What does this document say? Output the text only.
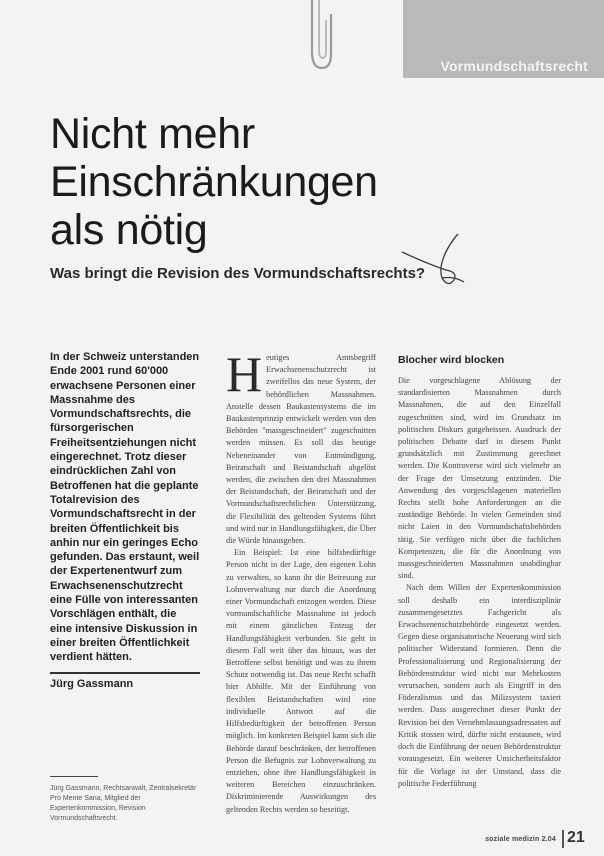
Vormundschaftsrecht
Nicht mehr
Einschränkungen
als nötig
Was bringt die Revision des Vormundschaftsrechts?

In der Schweiz unterstanden Ende 2001 rund 60'000 erwachsene Personen einer Massnahme des Vormundschaftsrechts, die fürsorgerischen Freiheitsentziehungen nicht eingerechnet. Trotz dieser eindrücklichen Zahl von Betroffenen hat die geplante Totalrevision des Vormundschaftsrecht in der breiten Öffentlichkeit bis anhin nur ein geringes Echo gefunden. Das erstaunt, weil der Expertenentwurf zum Erwachsenenschutzrecht eine Fülle von interessanten Vorschlägen enthält, die eine intensive Diskussion in einer breiten Öffentlichkeit verdient hätten.

Jürg Gassmann
Jürg Gassmann, Rechtsanwalt, Zentralsekretär Pro Mente Sana, Mitglied der Expertenkommission, Revision Vormundschaftsrecht.
H eutiges Amtsbegriff Erwachsenenschutzrecht ist zweifellos das neue System, der behördlichen Massnahmen. Anstelle dessen Baukastensystems die im Baukastenprinzip entwickelt werden von den Behörden "massgeschneidert" zugeschnitten werden müssen. Es soll das heutige Nebeneinander von Entmündigung, Beiratschaft und Beistandschaft abgelöst werden, die zwischen den drei Massnahmen der Beistandschaft, der Beiratschaft und der Vormundschaftsrechtlichen Unterstützung, die Flexibilität des geltenden Systems führt und wird nur in Handlungsfähigkeit, die Über die Würde hinausgehen.

Ein Beispiel: Ist eine hilfsbedürftige Person nicht in der Lage, den eigenen Lohn zu verwalten, so kann ihr die Betreuung zur Lohnverwaltung nur durch die Anordnung einer Vormundschaft entzogen werden. Diese vormundschaftliche Massnahme ist jedoch mit einem gänzlichen Entzug der Handlungsfähigkeit verbunden. Sie geht in diesem Fall weit über das hinaus, was der Betroffene selbst benötigt und was zu ihrem Schutz notwendig ist. Das neue Recht schafft hier Abhilfe. Mit der Einführung von flexiblen Beistandschaften wird eine individuelle Antwort auf die Hilfsbedürftigkeit der betroffenen Person möglich. Im konkreten Beispiel kann sich die Behörde darauf beschränken, der betroffenen Person die Befugnis zur Lohnverwaltung zu entziehen, ohne ihre Handlungsfähigkeit in weiteren Bereichen einzuschränken. Diskriminierende Auswirkungen des geltenden Rechts werden so beseitigt.

Blocher wird blocken

Die vorgeschlagene Ablösung der standardisierten Massnahmen durch Massnahmen, die auf den Einzelfall zugeschnitten sind, wird im Grundsatz im politischen Diskurs gutgeheissen. Ausdruck der politischen Debatte darf in diesem Punkt grundsätzlich mit Zustimmung gerechnet werden. Die Kontroverse wird sich vielmehr an der Frage der Umsetzung entzünden. Die Anwendung des vorgeschlagenen materiellen Rechts stellt hohe Anforderungen an die zuständige Behörde. In vielen Gemeinden sind nicht Laien in den Vormundschaftsbehörden tätig. Sie verfügen nicht über die fachlichen Kompetenzen, die für die Anordnung von massgeschneiderten Massnahmen unabdingbar sind.

Nach dem Willen der Expertenkommission soll deshalb ein interdisziplinär zusammengesetztes Fachgericht als Erwachsenenschutzbehörde eingesetzt werden. Gegen diese organisatorische Neuerung wird sich politischer Widerstand formieren. Denn die Professionalisierung und Regionalisierung der Behördenstruktur wird nicht nur Mehrkosten verursachen, sondern auch als Eingriff in den Föderalismus und das Milizsystem taxiert werden. Dass ausgerechnet dieser Punkt der Revision bei den Vernehmlassungsadressaten auf Kritik stossen wird, dürfte nicht erstaunen, wird doch die Einführung der neuen Behördenstruktur vorausgesetzt. Ein weiterer Unsicherheitsfaktor für die Vorlage ist der Umstand, dass die politische Federführung

soziale medizin 2.04 21
